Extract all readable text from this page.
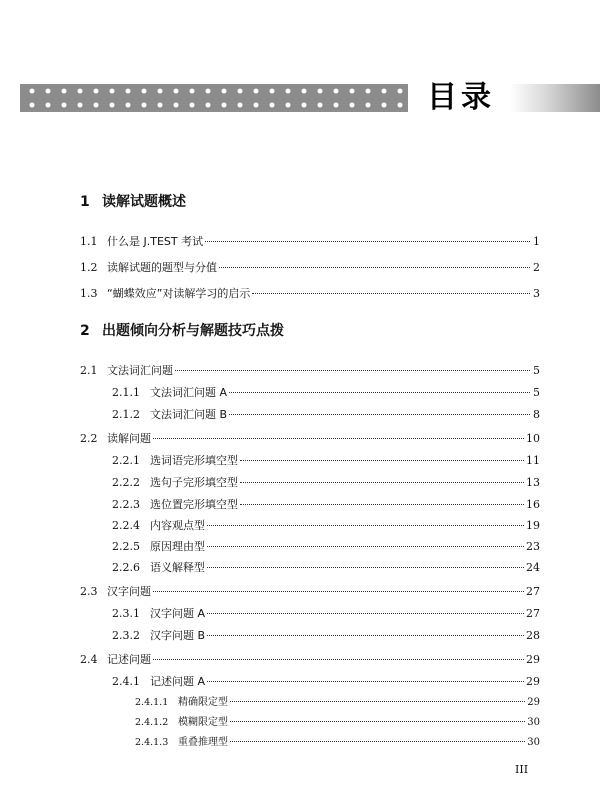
目录
1 读解试题概述
1.1 什么是 J.TEST 考试	1
1.2 读解试题的题型与分值	2
1.3 “蝴蝶效应”对读解学习的启示	3
2 出题倾向分析与解题技巧点拨
2.1 文法词汇问题	5
2.1.1 文法词汇问题 A	5
2.1.2 文法词汇问题 B	8
2.2 读解问题	10
2.2.1 选词语完形填空型	11
2.2.2 选句子完形填空型	13
2.2.3 选位置完形填空型	16
2.2.4 内容观点型	19
2.2.5 原因理由型	23
2.2.6 语义解释型	24
2.3 汉字问题	27
2.3.1 汉字问题 A	27
2.3.2 汉字问题 B	28
2.4 记述问题	29
2.4.1 记述问题 A	29
2.4.1.1 精确限定型	29
2.4.1.2 模糊限定型	30
2.4.1.3 重叠推理型	30
III
